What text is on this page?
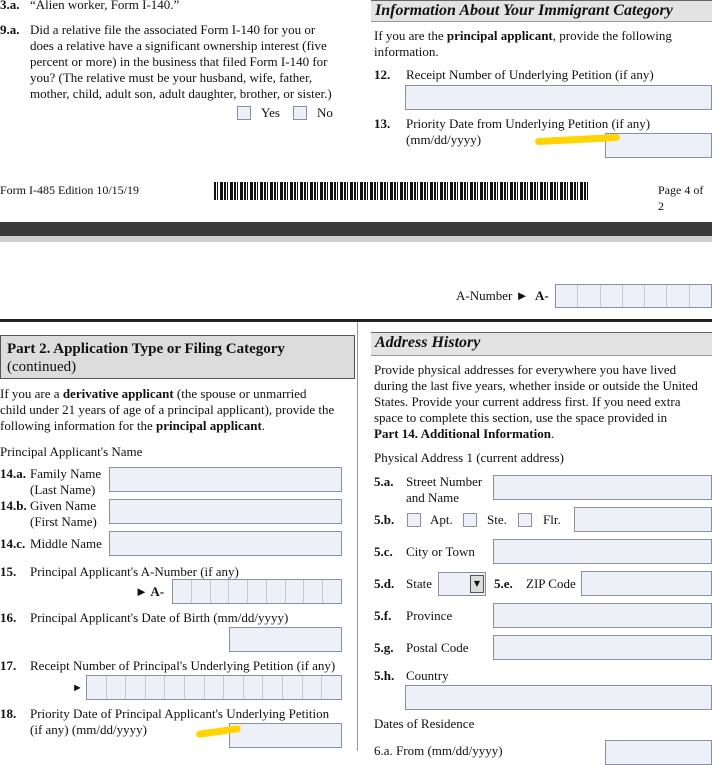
3.a. “Alien worker, Form I-140.”
9.a. Did a relative file the associated Form I-140 for you or
does a relative have a significant ownership interest (five
percent or more) in the business that filed Form I-140 for
you? (The relative must be your husband, wife, father,
mother, child, adult son, adult daughter, brother, or sister.)
Yes	No
Information About Your Immigrant Category
If you are the principal applicant, provide the following
information.
12. Receipt Number of Underlying Petition (if any)
13. Priority Date from Underlying Petition (if any)
(mm/dd/yyyy)
Form I-485 Edition 10/15/19	Page 4 of 2
A-Number ► A-
Part 2. Application Type or Filing Category
(continued)
If you are a derivative applicant (the spouse or unmarried
child under 21 years of age of a principal applicant), provide the
following information for the principal applicant.
Principal Applicant's Name
14.a. Family Name
(Last Name)
14.b. Given Name
(First Name)
14.c. Middle Name
15. Principal Applicant's A-Number (if any)
► A-
16. Principal Applicant's Date of Birth (mm/dd/yyyy)
17. Receipt Number of Principal's Underlying Petition (if any)
►
18. Priority Date of Principal Applicant's Underlying Petition
(if any) (mm/dd/yyyy)
Address History
Provide physical addresses for everywhere you have lived
during the last five years, whether inside or outside the United
States. Provide your current address first. If you need extra
space to complete this section, use the space provided in
Part 14. Additional Information.
Physical Address 1 (current address)
5.a. Street Number
and Name
5.b.	Apt.	Ste.	Flr.
5.c. City or Town
5.d. State	▼	5.e. ZIP Code
5.f. Province
5.g. Postal Code
5.h. Country
Dates of Residence
6.a. From (mm/dd/yyyy)
